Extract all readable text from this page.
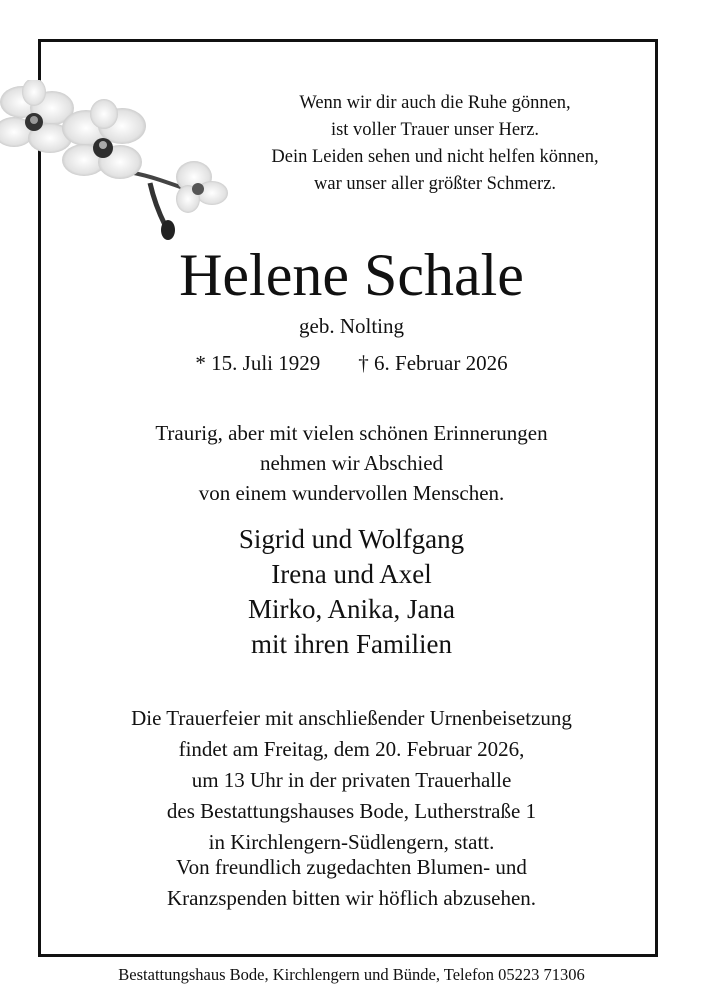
Wenn wir dir auch die Ruhe gönnen,
ist voller Trauer unser Herz.
Dein Leiden sehen und nicht helfen können,
war unser aller größter Schmerz.
Helene Schale
geb. Nolting
* 15. Juli 1929 † 6. Februar 2026
Traurig, aber mit vielen schönen Erinnerungen
nehmen wir Abschied
von einem wundervollen Menschen.
Sigrid und Wolfgang
Irena und Axel
Mirko, Anika, Jana
mit ihren Familien
Die Trauerfeier mit anschließender Urnenbeisetzung
findet am Freitag, dem 20. Februar 2026,
um 13 Uhr in der privaten Trauerhalle
des Bestattungshauses Bode, Lutherstraße 1
in Kirchlengern-Südlengern, statt.
Von freundlich zugedachten Blumen- und
Kranzspenden bitten wir höflich abzusehen.
Bestattungshaus Bode, Kirchlengern und Bünde, Telefon 05223 71306
